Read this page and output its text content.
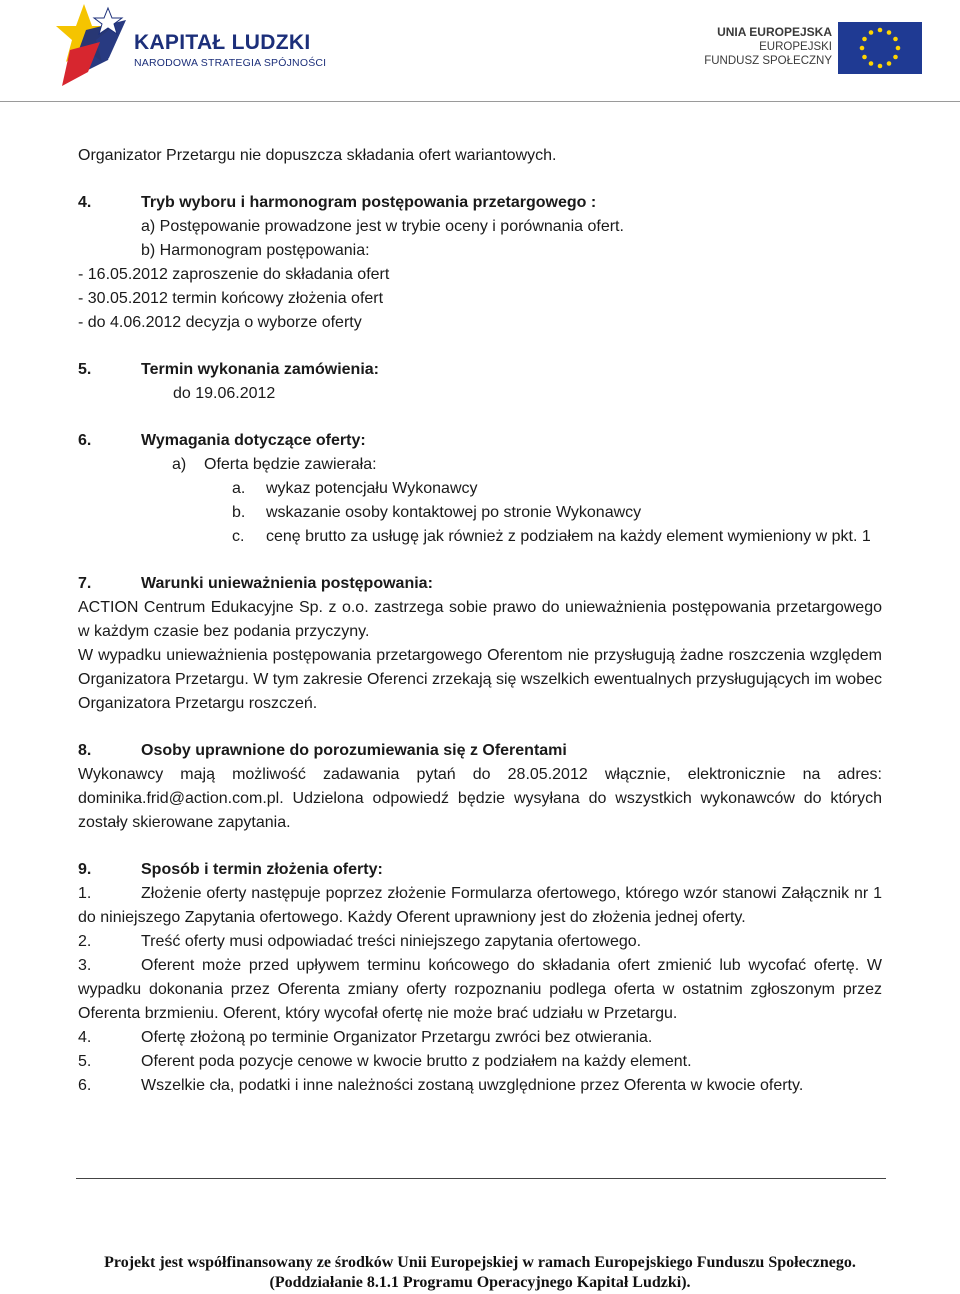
KAPITAŁ LUDZKI
NARODOWA STRATEGIA SPÓJNOŚCI
UNIA EUROPEJSKA
EUROPEJSKI
FUNDUSZ SPOŁECZNY

Organizator Przetargu nie dopuszcza składania ofert wariantowych.

4.	Tryb wyboru i harmonogram postępowania przetargowego :

a) Postępowanie prowadzone jest w trybie oceny i porównania ofert.

b) Harmonogram postępowania:

- 16.05.2012 zaproszenie do składania ofert

- 30.05.2012 termin końcowy złożenia ofert

- do 4.06.2012 decyzja o wyborze oferty

5.	Termin wykonania zamówienia:

do 19.06.2012

6.	Wymagania dotyczące oferty:
a)	Oferta będzie zawierała:
a.	wykaz potencjału Wykonawcy
b.	wskazanie osoby kontaktowej po stronie Wykonawcy
c.	cenę brutto za usługę jak również z podziałem na każdy element wymieniony w pkt. 1
7.	Warunki unieważnienia postępowania:

ACTION Centrum Edukacyjne Sp. z o.o. zastrzega sobie prawo do unieważnienia postępowania przetargowego w każdym czasie bez podania przyczyny.

W wypadku unieważnienia postępowania przetargowego Oferentom nie przysługują żadne roszczenia względem Organizatora Przetargu. W tym zakresie Oferenci zrzekają się wszelkich ewentualnych przysługujących im wobec Organizatora Przetargu roszczeń.

8.	Osoby uprawnione do porozumiewania się z Oferentami

Wykonawcy mają możliwość zadawania pytań do 28.05.2012 włącznie, elektronicznie na adres: dominika.frid@action.com.pl. Udzielona odpowiedź będzie wysyłana do wszystkich wykonawców do których zostały skierowane zapytania.

9.	Sposób i termin złożenia oferty:

1.	Złożenie oferty następuje poprzez złożenie Formularza ofertowego, którego wzór stanowi Załącznik nr 1 do niniejszego Zapytania ofertowego. Każdy Oferent uprawniony jest do złożenia jednej oferty.

2.	Treść oferty musi odpowiadać treści niniejszego zapytania ofertowego.

3.	Oferent może przed upływem terminu końcowego do składania ofert zmienić lub wycofać ofertę. W wypadku dokonania przez Oferenta zmiany oferty rozpoznaniu podlega oferta w ostatnim zgłoszonym przez Oferenta brzmieniu. Oferent, który wycofał ofertę nie może brać udziału w Przetargu.

4.	Ofertę złożoną po terminie Organizator Przetargu zwróci bez otwierania.

5.	Oferent poda pozycje cenowe w kwocie brutto z podziałem na każdy element.

6.	Wszelkie cła, podatki i inne należności zostaną uwzględnione przez Oferenta w kwocie oferty.

Projekt jest współfinansowany ze środków Unii Europejskiej w ramach Europejskiego Funduszu Społecznego.
(Poddziałanie 8.1.1 Programu Operacyjnego Kapitał Ludzki).
